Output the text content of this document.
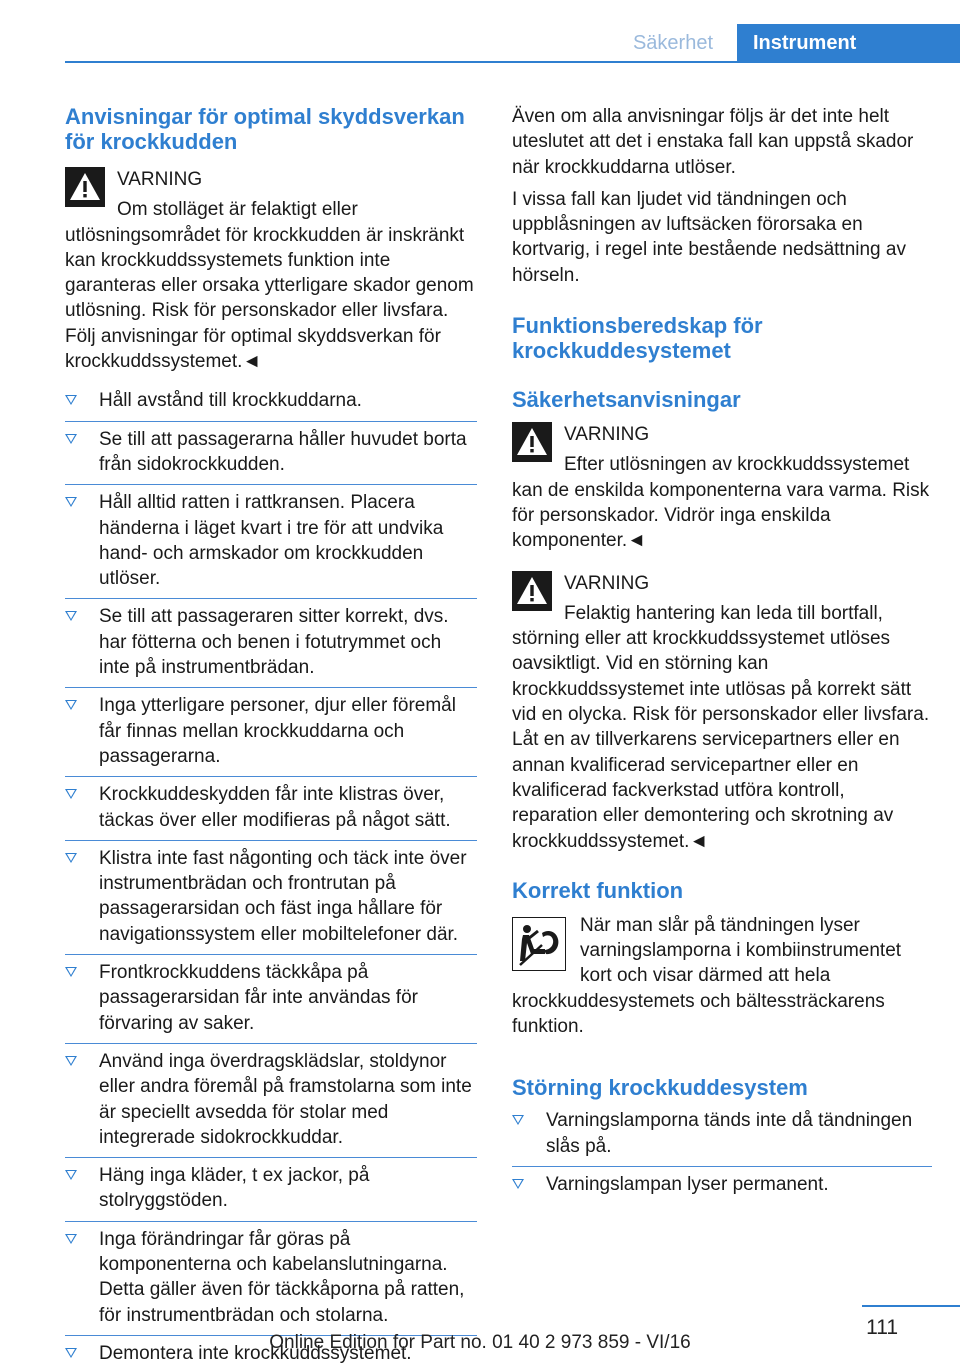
Säkerhet	Instrument
Anvisningar för optimal skyddsverkan för krockkudden
VARNING

Om stolläget är felaktigt eller utlösningsområdet för krockkudden är inskränkt kan krockkuddssystemets funktion inte garanteras eller orsaka ytterligare skador genom utlösning. Risk för personskador eller livsfara. Följ anvisningar för optimal skyddsverkan för krockkuddssystemet.◄

Håll avstånd till krockkuddarna.
Se till att passagerarna håller huvudet borta från sidokrockkudden.
Håll alltid ratten i rattkransen. Placera händerna i läget kvart i tre för att undvika hand- och armskador om krockkudden utlöser.
Se till att passageraren sitter korrekt, dvs. har fötterna och benen i fotutrymmet och inte på instrumentbrädan.
Inga ytterligare personer, djur eller föremål får finnas mellan krockkuddarna och passagerarna.
Krockkuddeskydden får inte klistras över, täckas över eller modifieras på något sätt.
Klistra inte fast någonting och täck inte över instrumentbrädan och frontrutan på passagerarsidan och fäst inga hållare för navigationssystem eller mobiltelefoner där.
Frontkrockkuddens täckkåpa på passagerarsidan får inte användas för förvaring av saker.
Använd inga överdragsklädslar, stoldynor eller andra föremål på framstolarna som inte är speciellt avsedda för stolar med integrerade sidokrockkuddar.
Häng inga kläder, t ex jackor, på stolryggstöden.
Inga förändringar får göras på komponenterna och kabelanslutningarna. Detta gäller även för täckkåporna på ratten, för instrumentbrädan och stolarna.
Demontera inte krockkuddssystemet.

Även om alla anvisningar följs är det inte helt uteslutet att det i enstaka fall kan uppstå skador när krockkuddarna utlöser.

I vissa fall kan ljudet vid tändningen och uppblåsningen av luftsäcken förorsaka en kortvarig, i regel inte bestående nedsättning av hörseln.

Funktionsberedskap för krockkuddesystemet
Säkerhetsanvisningar
VARNING

Efter utlösningen av krockkuddssystemet kan de enskilda komponenterna vara varma. Risk för personskador. Vidrör inga enskilda komponenter.◄

VARNING

Felaktig hantering kan leda till bortfall, störning eller att krockkuddssystemet utlöses oavsiktligt. Vid en störning kan krockkuddssystemet inte utlösas på korrekt sätt vid en olycka. Risk för personskador eller livsfara. Låt en av tillverkarens servicepartners eller en annan kvalificerad servicepartner eller en kvalificerad fackverkstad utföra kontroll, reparation eller demontering och skrotning av krockkuddssystemet.◄

Korrekt funktion

När man slår på tändningen lyser varningslamporna i kombiinstrumentet kort och visar därmed att hela krockkuddesystemets och bältessträckarens funktion.

Störning krockkuddesystem
Varningslamporna tänds inte då tändningen slås på.
Varningslampan lyser permanent.
111
Online Edition for Part no. 01 40 2 973 859 - VI/16
